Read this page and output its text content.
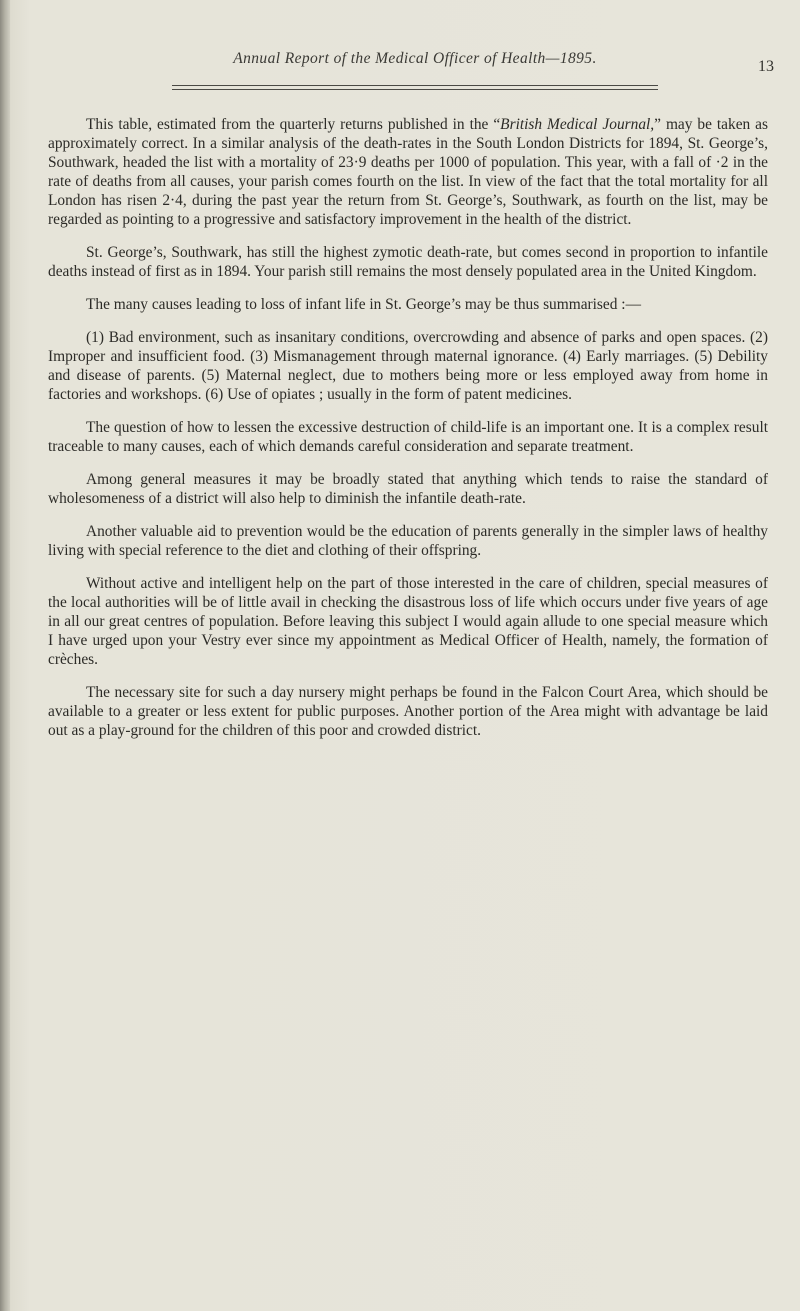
Annual Report of the Medical Officer of Health—1895.	13

This table, estimated from the quarterly returns published in the “British Medical Journal,” may be taken as approximately correct. In a similar analysis of the death-rates in the South London Districts for 1894, St. George’s, Southwark, headed the list with a mortality of 23·9 deaths per 1000 of population. This year, with a fall of ·2 in the rate of deaths from all causes, your parish comes fourth on the list. In view of the fact that the total mortality for all London has risen 2·4, during the past year the return from St. George’s, Southwark, as fourth on the list, may be regarded as pointing to a progressive and satisfactory improvement in the health of the district.

St. George’s, Southwark, has still the highest zymotic death-rate, but comes second in proportion to infantile deaths instead of first as in 1894. Your parish still remains the most densely populated area in the United Kingdom.

The many causes leading to loss of infant life in St. George’s may be thus summarised :—

(1) Bad environment, such as insanitary conditions, overcrowding and absence of parks and open spaces. (2) Improper and insufficient food. (3) Mismanagement through maternal ignorance. (4) Early marriages. (5) Debility and disease of parents. (5) Maternal neglect, due to mothers being more or less employed away from home in factories and workshops. (6) Use of opiates ; usually in the form of patent medicines.

The question of how to lessen the excessive destruction of child-life is an important one. It is a complex result traceable to many causes, each of which demands careful consideration and separate treatment.

Among general measures it may be broadly stated that anything which tends to raise the standard of wholesomeness of a district will also help to diminish the infantile death-rate.

Another valuable aid to prevention would be the education of parents generally in the simpler laws of healthy living with special reference to the diet and clothing of their offspring.

Without active and intelligent help on the part of those interested in the care of children, special measures of the local authorities will be of little avail in checking the disastrous loss of life which occurs under five years of age in all our great centres of population. Before leaving this subject I would again allude to one special measure which I have urged upon your Vestry ever since my appointment as Medical Officer of Health, namely, the formation of crèches.

The necessary site for such a day nursery might perhaps be found in the Falcon Court Area, which should be available to a greater or less extent for public purposes. Another portion of the Area might with advantage be laid out as a play-ground for the children of this poor and crowded district.
